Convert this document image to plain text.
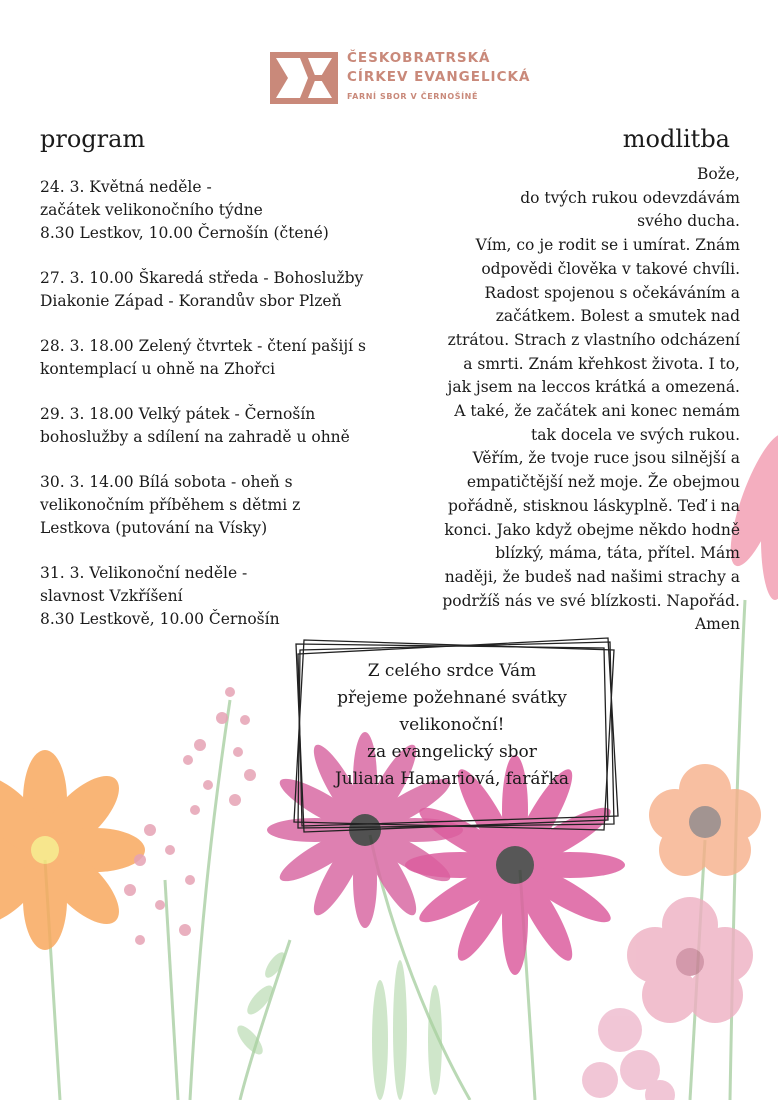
ČESKOBRATRSKÁ
CÍRKEV EVANGELICKÁ
FARNÍ SBOR V ČERNOŠÍNĚ
program	modlitba
24. 3. Květná neděle -
začátek velikonočního týdne
8.30 Lestkov, 10.00 Černošín (čtené)
27. 3. 10.00 Škaredá středa - Bohoslužby
Diakonie Západ - Korandův sbor Plzeň
28. 3. 18.00 Zelený čtvrtek - čtení pašijí s
kontemplací u ohně na Zhořci
29. 3. 18.00 Velký pátek - Černošín
bohoslužby a sdílení na zahradě u ohně
30. 3. 14.00 Bílá sobota - oheň s
velikonočním příběhem s dětmi z
Lestkova (putování na Vísky)
31. 3. Velikonoční neděle -
slavnost Vzkříšení
8.30 Lestkově, 10.00 Černošín
Bože,
do tvých rukou odevzdávám
svého ducha.
Vím, co je rodit se i umírat. Znám
odpovědi člověka v takové chvíli.
Radost spojenou s očekáváním a
začátkem. Bolest a smutek nad
ztrátou. Strach z vlastního odcházení
a smrti. Znám křehkost života. I to,
jak jsem na leccos krátká a omezená.
A také, že začátek ani konec nemám
tak docela ve svých rukou.
Věřím, že tvoje ruce jsou silnější a
empatičtější než moje. Že obejmou
pořádně, stisknou láskyplně. Teď i na
konci. Jako když obejme někdo hodně
blízký, máma, táta, přítel. Mám
naději, že budeš nad našimi strachy a
podržíš nás ve své blízkosti. Napořád.
Amen
Z celého srdce Vám
přejeme požehnané svátky
velikonoční!
za evangelický sbor
Juliana Hamariová, farářka
